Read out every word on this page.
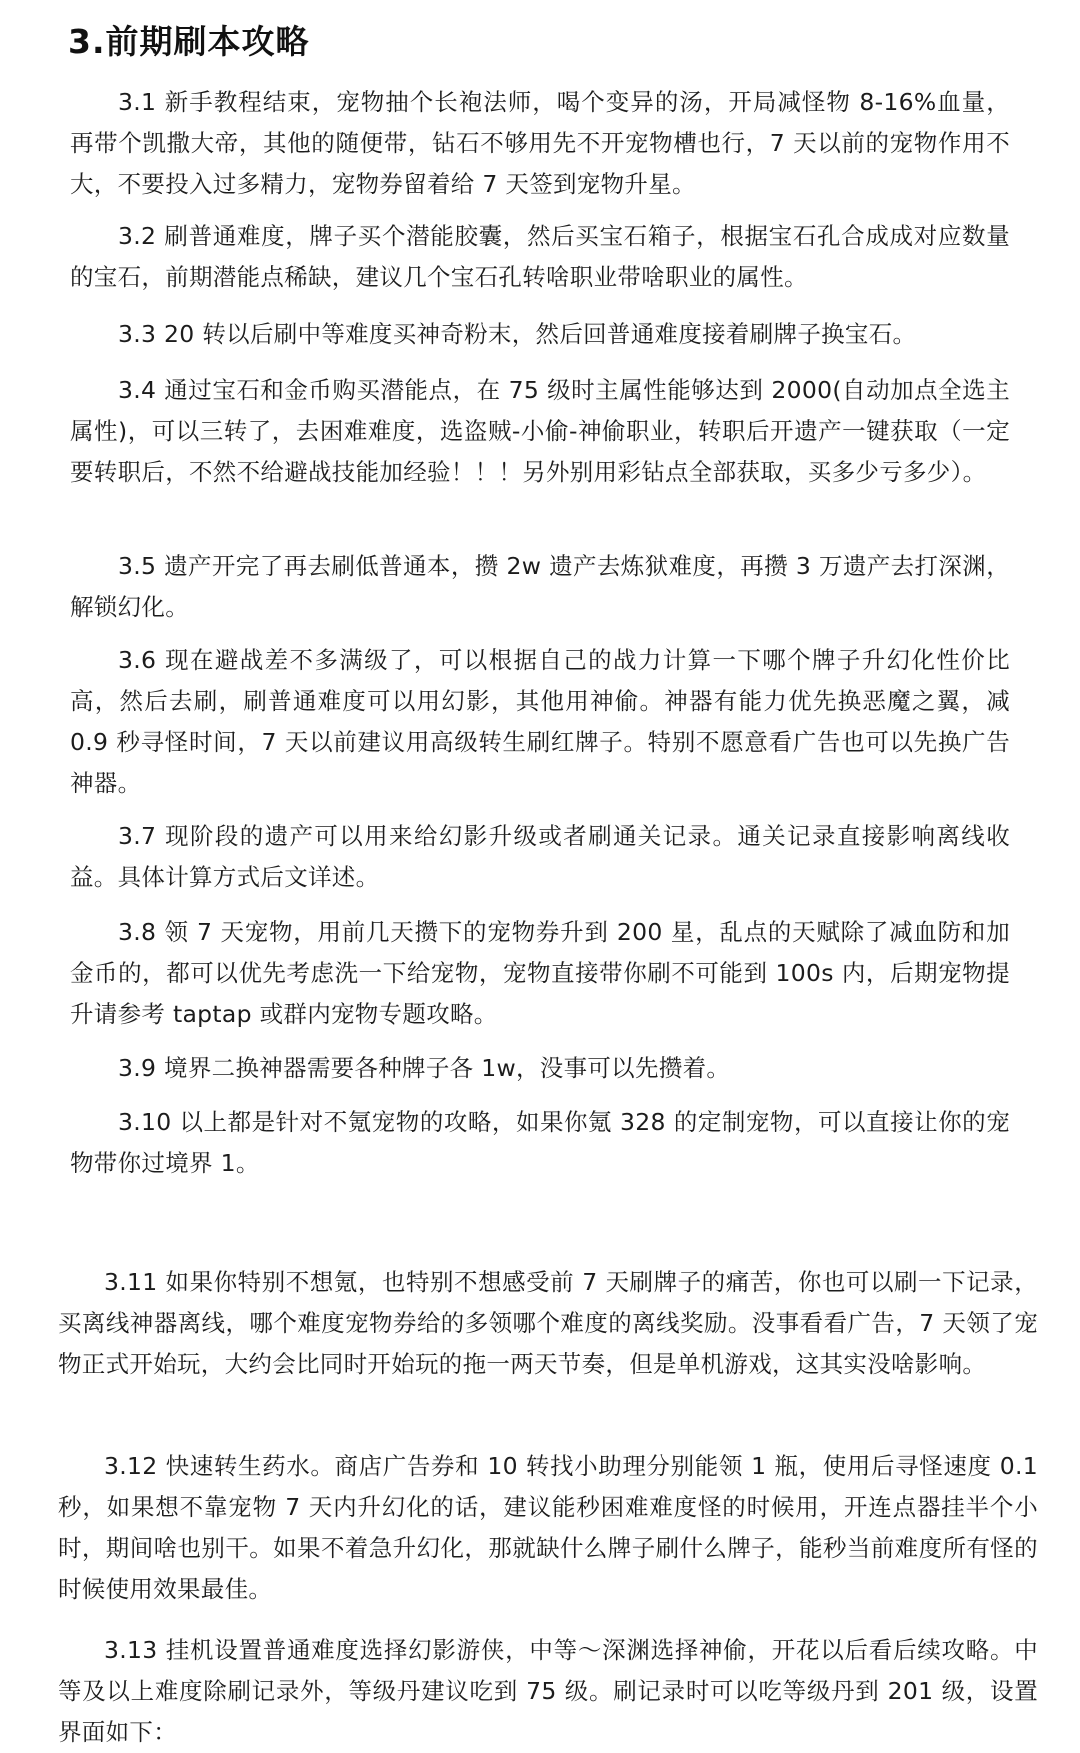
3.前期刷本攻略

3.1 新手教程结束，宠物抽个长袍法师，喝个变异的汤，开局减怪物 8-16%血量，再带个凯撒大帝，其他的随便带，钻石不够用先不开宠物槽也行，7 天以前的宠物作用不大，不要投入过多精力，宠物券留着给 7 天签到宠物升星。

3.2 刷普通难度，牌子买个潜能胶囊，然后买宝石箱子，根据宝石孔合成成对应数量的宝石，前期潜能点稀缺，建议几个宝石孔转啥职业带啥职业的属性。

3.3 20 转以后刷中等难度买神奇粉末，然后回普通难度接着刷牌子换宝石。

3.4 通过宝石和金币购买潜能点，在 75 级时主属性能够达到 2000(自动加点全选主属性)，可以三转了，去困难难度，选盗贼-小偷-神偷职业，转职后开遗产一键获取（一定要转职后，不然不给避战技能加经验！！！另外别用彩钻点全部获取，买多少亏多少）。

3.5 遗产开完了再去刷低普通本，攒 2w 遗产去炼狱难度，再攒 3 万遗产去打深渊，解锁幻化。

3.6 现在避战差不多满级了，可以根据自己的战力计算一下哪个牌子升幻化性价比高，然后去刷，刷普通难度可以用幻影，其他用神偷。神器有能力优先换恶魔之翼，减 0.9 秒寻怪时间，7 天以前建议用高级转生刷红牌子。特别不愿意看广告也可以先换广告神器。

3.7 现阶段的遗产可以用来给幻影升级或者刷通关记录。通关记录直接影响离线收益。具体计算方式后文详述。

3.8 领 7 天宠物，用前几天攒下的宠物券升到 200 星，乱点的天赋除了减血防和加金币的，都可以优先考虑洗一下给宠物，宠物直接带你刷不可能到 100s 内，后期宠物提升请参考 taptap 或群内宠物专题攻略。

3.9 境界二换神器需要各种牌子各 1w，没事可以先攒着。

3.10 以上都是针对不氪宠物的攻略，如果你氪 328 的定制宠物，可以直接让你的宠物带你过境界 1。

3.11 如果你特别不想氪，也特别不想感受前 7 天刷牌子的痛苦，你也可以刷一下记录，买离线神器离线，哪个难度宠物券给的多领哪个难度的离线奖励。没事看看广告，7 天领了宠物正式开始玩，大约会比同时开始玩的拖一两天节奏，但是单机游戏，这其实没啥影响。

3.12 快速转生药水。商店广告券和 10 转找小助理分别能领 1 瓶，使用后寻怪速度 0.1 秒，如果想不靠宠物 7 天内升幻化的话，建议能秒困难难度怪的时候用，开连点器挂半个小时，期间啥也别干。如果不着急升幻化，那就缺什么牌子刷什么牌子，能秒当前难度所有怪的时候使用效果最佳。

3.13 挂机设置普通难度选择幻影游侠，中等～深渊选择神偷，开花以后看后续攻略。中等及以上难度除刷记录外，等级丹建议吃到 75 级。刷记录时可以吃等级丹到 201 级，设置界面如下：
